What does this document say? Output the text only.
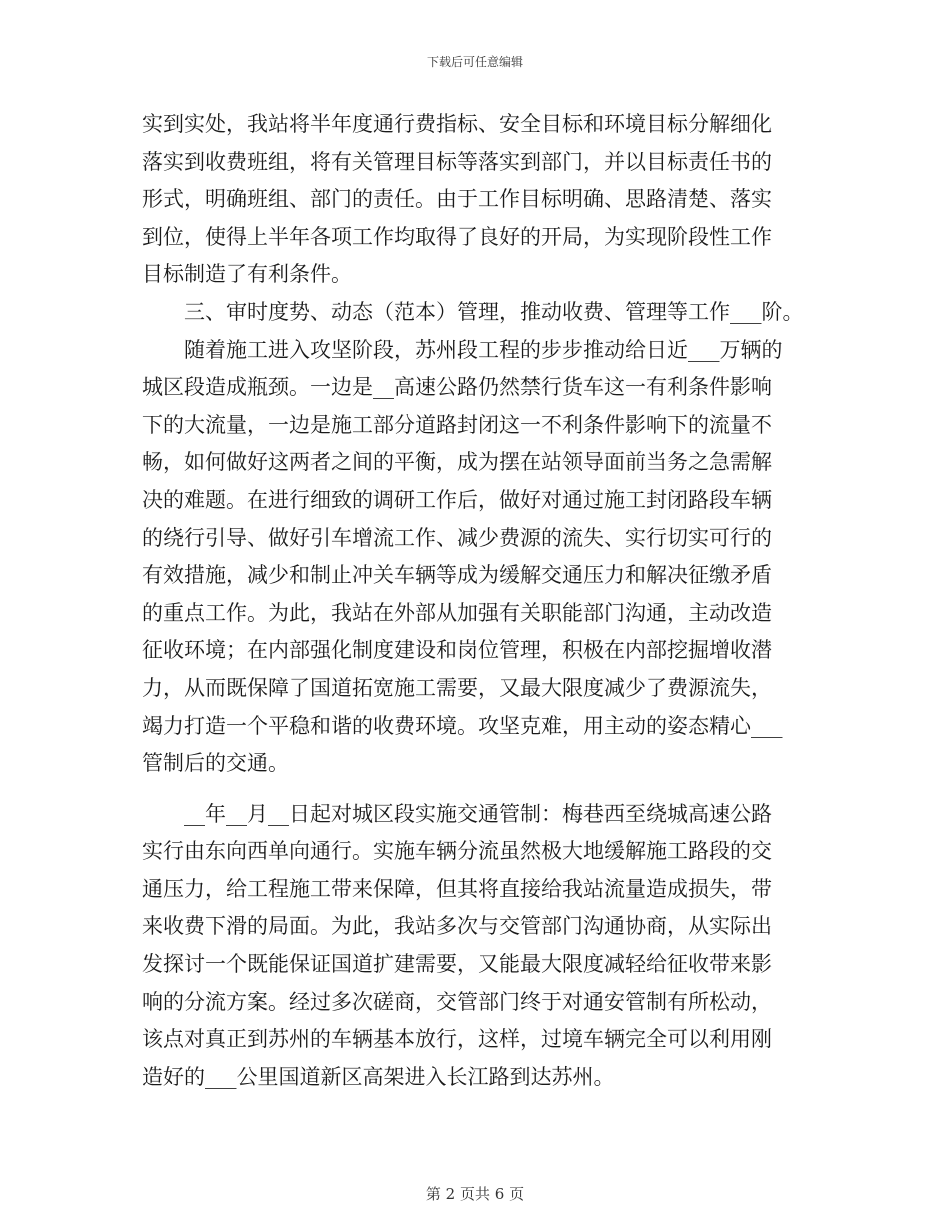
下载后可任意编辑
实到实处，我站将半年度通行费指标、安全目标和环境目标分解细化
落实到收费班组，将有关管理目标等落实到部门，并以目标责任书的
形式，明确班组、部门的责任。由于工作目标明确、思路清楚、落实
到位，使得上半年各项工作均取得了良好的开局，为实现阶段性工作
目标制造了有利条件。
　　三、审时度势、动态（范本）管理，推动收费、管理等工作___阶。
　　随着施工进入攻坚阶段，苏州段工程的步步推动给日近___万辆的
城区段造成瓶颈。一边是__高速公路仍然禁行货车这一有利条件影响
下的大流量，一边是施工部分道路封闭这一不利条件影响下的流量不
畅，如何做好这两者之间的平衡，成为摆在站领导面前当务之急需解
决的难题。在进行细致的调研工作后，做好对通过施工封闭路段车辆
的绕行引导、做好引车增流工作、减少费源的流失、实行切实可行的
有效措施，减少和制止冲关车辆等成为缓解交通压力和解决征缴矛盾
的重点工作。为此，我站在外部从加强有关职能部门沟通，主动改造
征收环境；在内部强化制度建设和岗位管理，积极在内部挖掘增收潜
力，从而既保障了国道拓宽施工需要，又最大限度减少了费源流失，
竭力打造一个平稳和谐的收费环境。攻坚克难，用主动的姿态精心___
管制后的交通。
　　__年__月__日起对城区段实施交通管制：梅巷西至绕城高速公路
实行由东向西单向通行。实施车辆分流虽然极大地缓解施工路段的交
通压力，给工程施工带来保障，但其将直接给我站流量造成损失，带
来收费下滑的局面。为此，我站多次与交管部门沟通协商，从实际出
发探讨一个既能保证国道扩建需要，又能最大限度减轻给征收带来影
响的分流方案。经过多次磋商，交管部门终于对通安管制有所松动，
该点对真正到苏州的车辆基本放行，这样，过境车辆完全可以利用刚
造好的___公里国道新区高架进入长江路到达苏州。
第 2 页共 6 页
